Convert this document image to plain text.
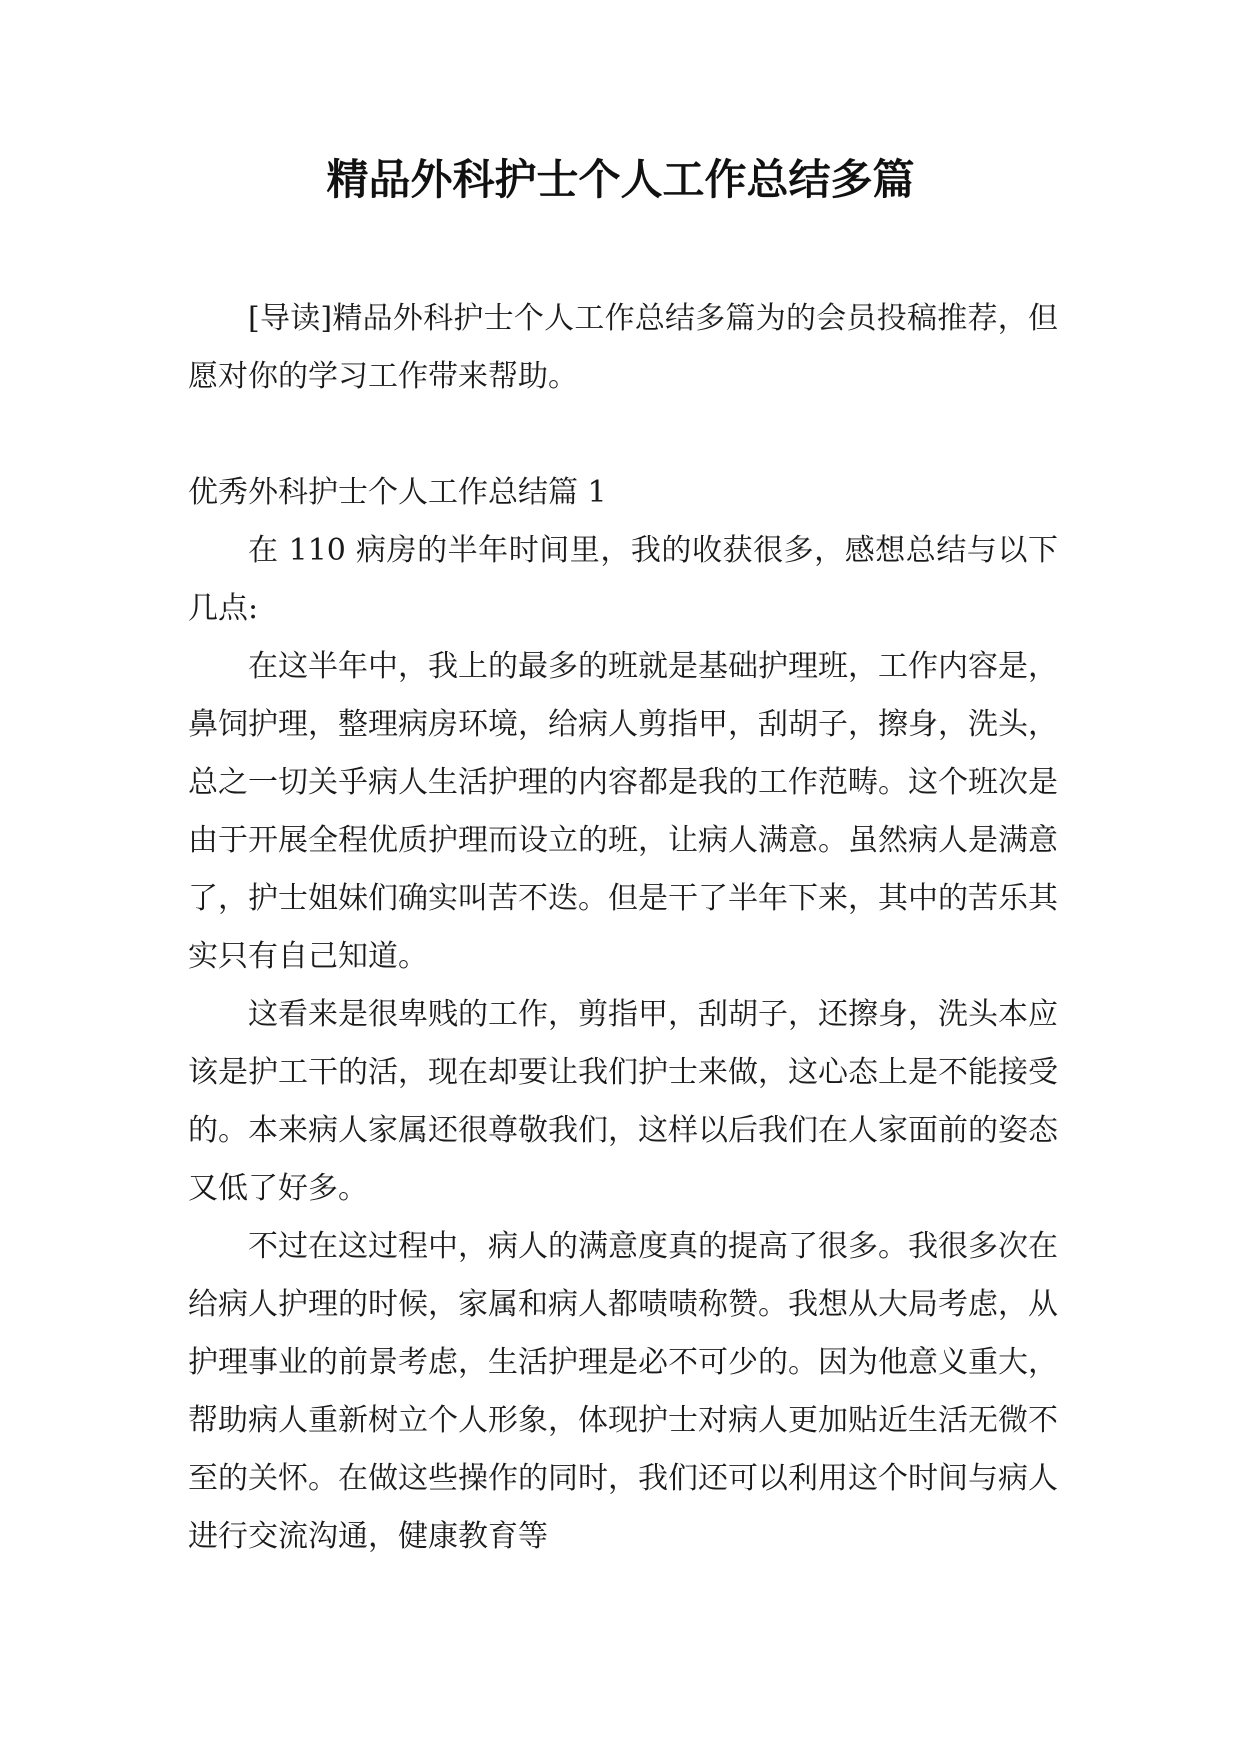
精品外科护士个人工作总结多篇

[导读]精品外科护士个人工作总结多篇为的会员投稿推荐，但愿对你的学习工作带来帮助。

优秀外科护士个人工作总结篇 1

在 110 病房的半年时间里，我的收获很多，感想总结与以下几点:

在这半年中，我上的最多的班就是基础护理班，工作内容是，鼻饲护理，整理病房环境，给病人剪指甲，刮胡子，擦身，洗头，总之一切关乎病人生活护理的内容都是我的工作范畴。这个班次是由于开展全程优质护理而设立的班，让病人满意。虽然病人是满意了，护士姐妹们确实叫苦不迭。但是干了半年下来，其中的苦乐其实只有自己知道。

这看来是很卑贱的工作，剪指甲，刮胡子，还擦身，洗头本应该是护工干的活，现在却要让我们护士来做，这心态上是不能接受的。本来病人家属还很尊敬我们，这样以后我们在人家面前的姿态又低了好多。

不过在这过程中，病人的满意度真的提高了很多。我很多次在给病人护理的时候，家属和病人都啧啧称赞。我想从大局考虑，从护理事业的前景考虑，生活护理是必不可少的。因为他意义重大，帮助病人重新树立个人形象，体现护士对病人更加贴近生活无微不至的关怀。在做这些操作的同时，我们还可以利用这个时间与病人进行交流沟通，健康教育等
